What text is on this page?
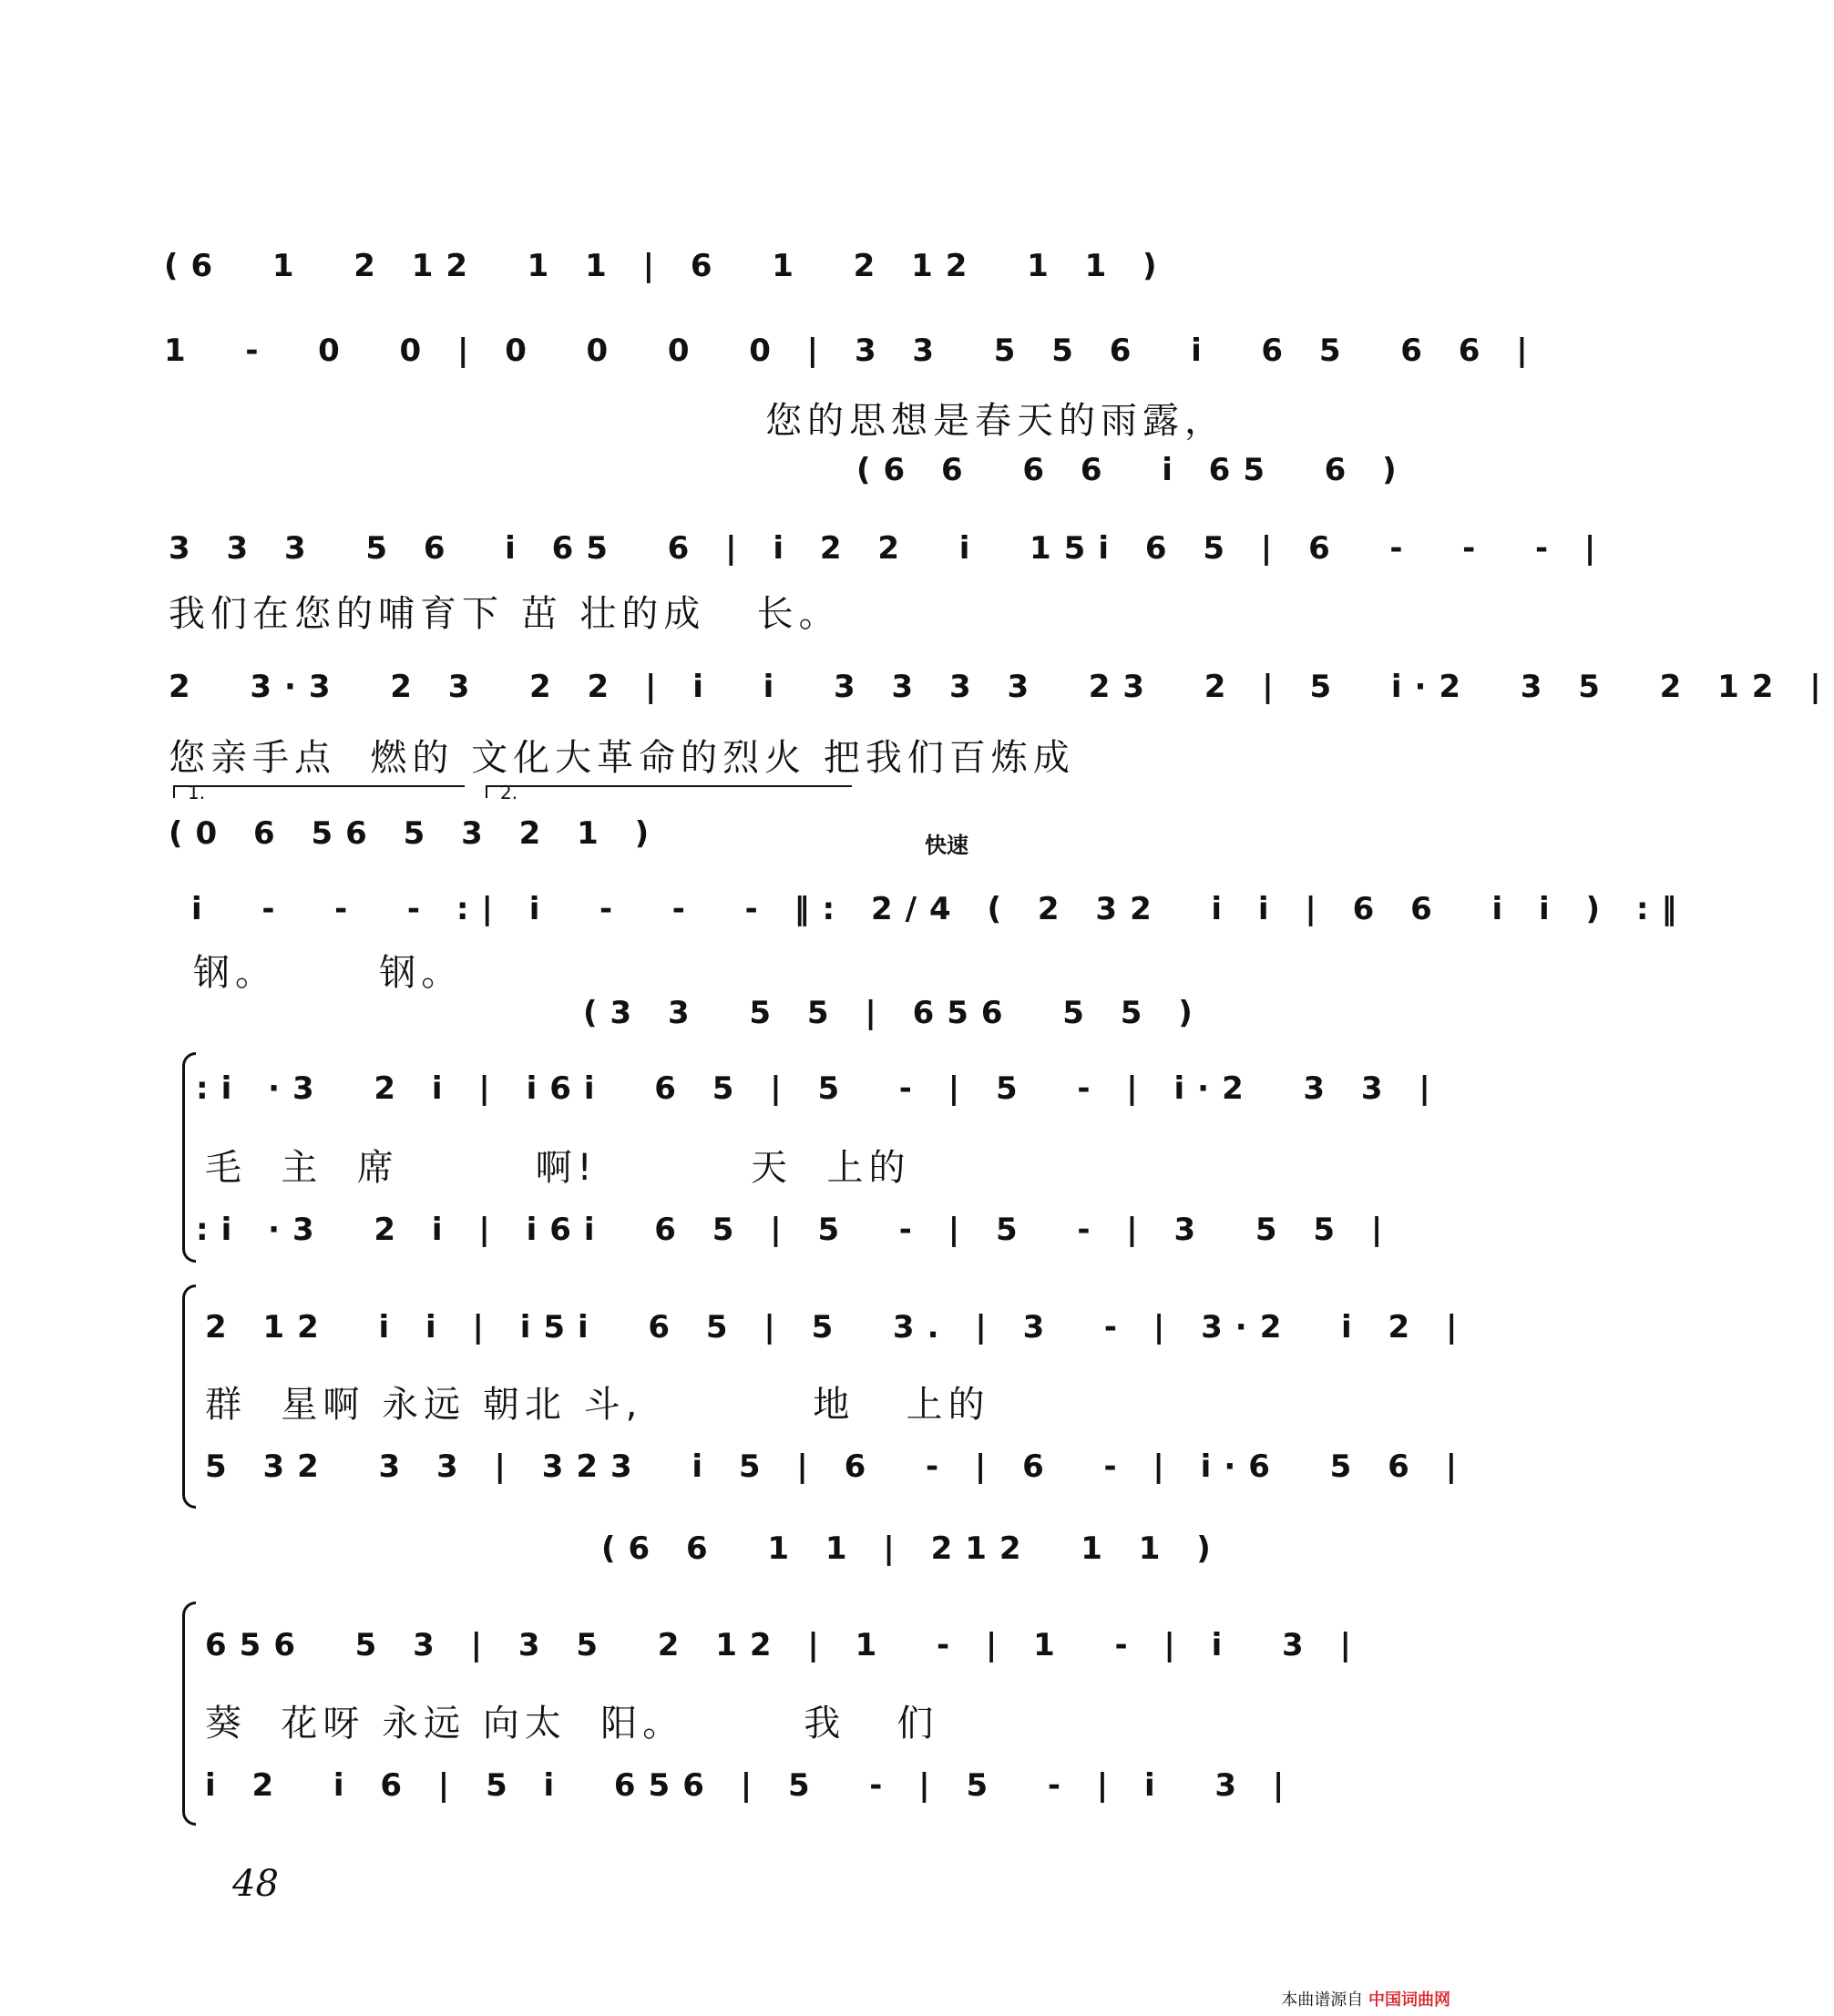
(6  1  2 12  1 1 | 6  1  2 12  1 1 )
1  -  0  0 | 0  0  0  0 | 3 3  5 5 6  i  6 5  6 6 |
您的思想是春天的雨露，
(6 6  6 6  i 65  6 )
3 3 3  5 6  i 65  6 | i 2 2  i  15i 6 5 | 6  -  -  - |
我们在您的哺育下 茁 壮的成   长。
2  3·3  2 3  2 2 | i  i  3 3 3 3  23  2 | 5  i·2  3 5  2 12 |
您亲手点  燃的 文化大革命的烈火 把我们百炼成
1.	2.
(0 6 56 5 3 2 1 )	快速
i  -  -  - :| i  -  -  - ‖: 2/4 ( 2 32  i i | 6 6  i i ) :‖
钢。      钢。
(3 3  5 5 | 656  5 5 )
:i ·3  2 i | i6i  6 5 | 5  - | 5  - | i·2  3 3 |
毛  主  席        啊!         天  上的
:i ·3  2 i | i6i  6 5 | 5  - | 5  - | 3  5 5 |
2 12  i i | i5i  6 5 | 5  3. | 3  - | 3·2  i 2 |
群  星啊 永远 朝北 斗,          地   上的
5 32  3 3 | 323  i 5 | 6  - | 6  - | i·6  5 6 |
(6 6  1 1 | 212  1 1 )
656  5 3 | 3 5  2 12 | 1  - | 1  - | i  3 |
葵  花呀 永远 向太  阳。       我   们
i 2  i 6 | 5 i  656 | 5  - | 5  - | i  3 |
48
本曲谱源自 中国词曲网
